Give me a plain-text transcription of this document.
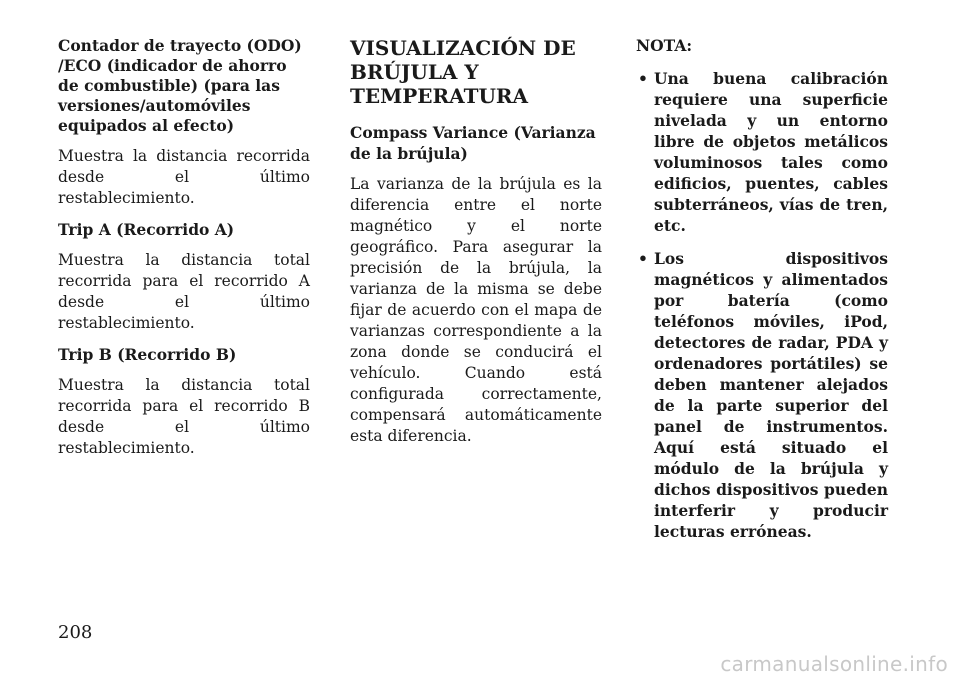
Contador de trayecto (ODO) /ECO (indicador de ahorro de combustible) (para las versiones/automóviles equipados al efecto)

Muestra la distancia recorrida desde el último restablecimiento.

Trip A (Recorrido A)

Muestra la distancia total recorrida para el recorrido A desde el último restablecimiento.

Trip B (Recorrido B)

Muestra la distancia total recorrida para el recorrido B desde el último restablecimiento.

VISUALIZACIÓN DE BRÚJULA Y TEMPERATURA
Compass Variance (Varianza de la brújula)

La varianza de la brújula es la diferencia entre el norte magnético y el norte geográfico. Para asegurar la precisión de la brújula, la varianza de la misma se debe fijar de acuerdo con el mapa de varianzas correspondiente a la zona donde se conducirá el vehículo. Cuando está configurada correctamente, compensará automáticamente esta diferencia.

NOTA:
• Una buena calibración requiere una superficie nivelada y un entorno libre de objetos metálicos voluminosos tales como edificios, puentes, cables subterráneos, vías de tren, etc.
• Los dispositivos magnéticos y alimentados por batería (como teléfonos móviles, iPod, detectores de radar, PDA y ordenadores portátiles) se deben mantener alejados de la parte superior del panel de instrumentos. Aquí está situado el módulo de la brújula y dichos dispositivos pueden interferir y producir lecturas erróneas.
208
carmanualsonline.info
